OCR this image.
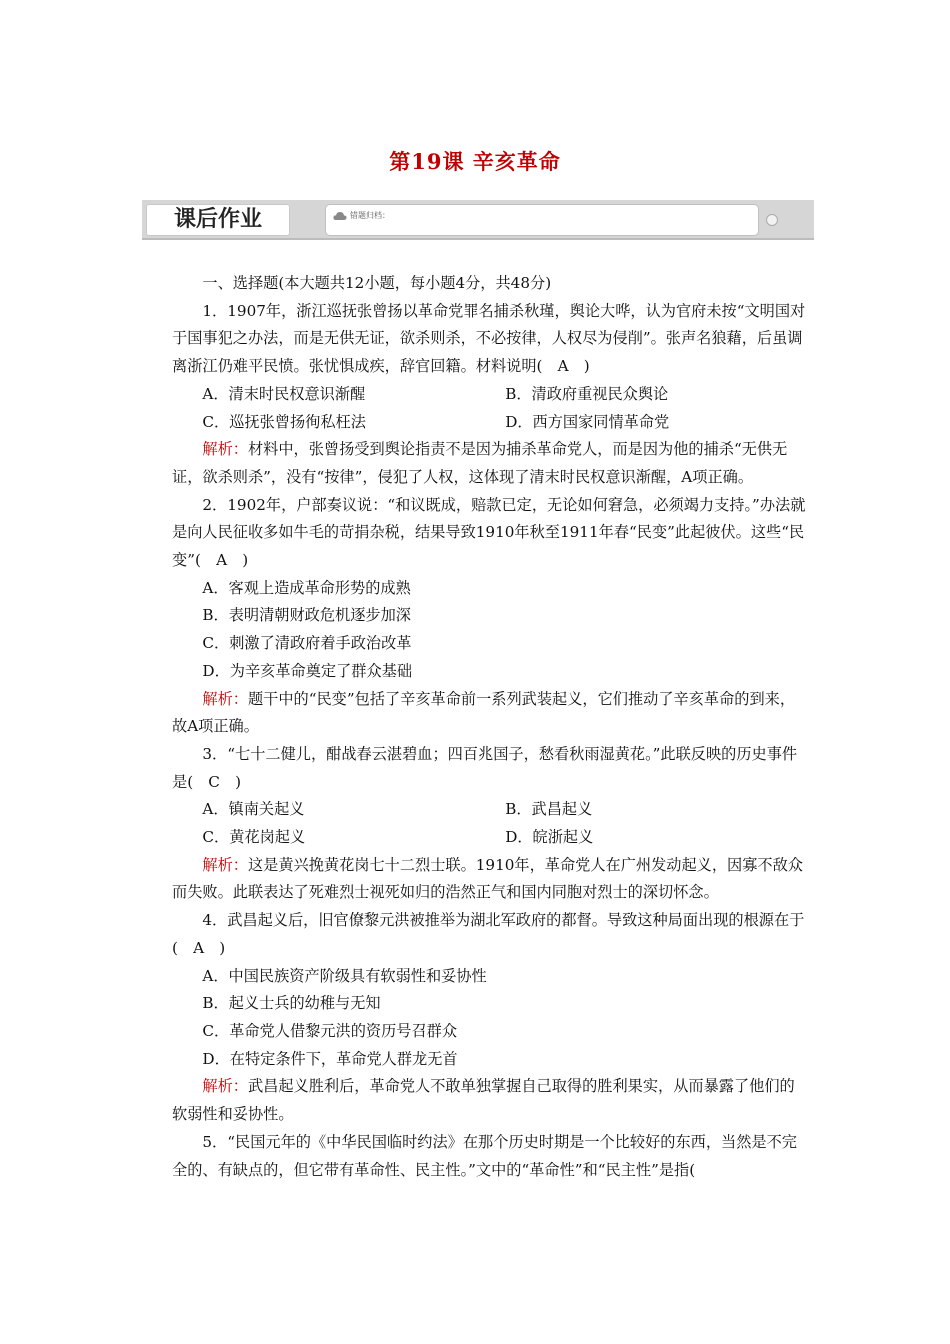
第19课 辛亥革命
课后作业	错题归档：

一、选择题(本大题共12小题，每小题4分，共48分)

1．1907年，浙江巡抚张曾扬以革命党罪名捕杀秋瑾，舆论大哗，认为官府未按“文明国对于国事犯之办法，而是无供无证，欲杀则杀，不必按律，人权尽为侵削”。张声名狼藉，后虽调离浙江仍难平民愤。张忧惧成疾，辞官回籍。材料说明(　A　)

A．清末时民权意识渐醒	B．清政府重视民众舆论
C．巡抚张曾扬徇私枉法	D．西方国家同情革命党

解析：材料中，张曾扬受到舆论指责不是因为捕杀革命党人，而是因为他的捕杀“无供无证，欲杀则杀”，没有“按律”，侵犯了人权，这体现了清末时民权意识渐醒，A项正确。

2．1902年，户部奏议说：“和议既成，赔款已定，无论如何窘急，必须竭力支持。”办法就是向人民征收多如牛毛的苛捐杂税，结果导致1910年秋至1911年春“民变”此起彼伏。这些“民变”(　A　)

A．客观上造成革命形势的成熟

B．表明清朝财政危机逐步加深

C．刺激了清政府着手政治改革

D．为辛亥革命奠定了群众基础

解析：题干中的“民变”包括了辛亥革命前一系列武装起义，它们推动了辛亥革命的到来，故A项正确。

3．“七十二健儿，酣战春云湛碧血；四百兆国子，愁看秋雨湿黄花。”此联反映的历史事件是(　C　)

A．镇南关起义	B．武昌起义
C．黄花岗起义	D．皖浙起义

解析：这是黄兴挽黄花岗七十二烈士联。1910年，革命党人在广州发动起义，因寡不敌众而失败。此联表达了死难烈士视死如归的浩然正气和国内同胞对烈士的深切怀念。

4．武昌起义后，旧官僚黎元洪被推举为湖北军政府的都督。导致这种局面出现的根源在于(　A　)

A．中国民族资产阶级具有软弱性和妥协性

B．起义士兵的幼稚与无知

C．革命党人借黎元洪的资历号召群众

D．在特定条件下，革命党人群龙无首

解析：武昌起义胜利后，革命党人不敢单独掌握自己取得的胜利果实，从而暴露了他们的软弱性和妥协性。

5．“民国元年的《中华民国临时约法》在那个历史时期是一个比较好的东西，当然是不完全的、有缺点的，但它带有革命性、民主性。”文中的“革命性”和“民主性”是指(
